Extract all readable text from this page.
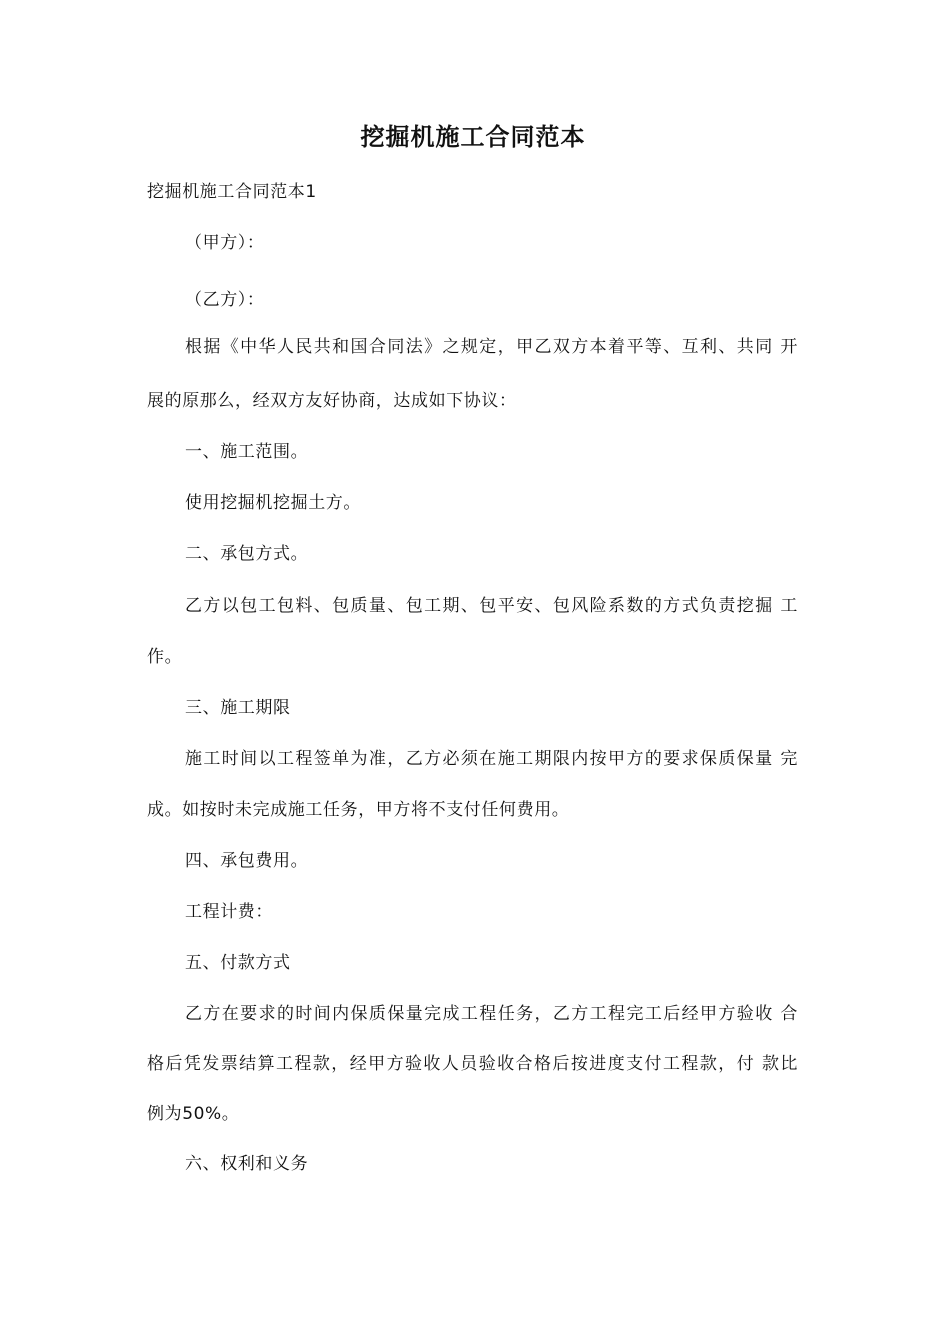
挖掘机施工合同范本
挖掘机施工合同范本1
（甲方）：
（乙方）：
根据《中华人民共和国合同法》之规定，甲乙双方本着平等、互利、共同 开
展的原那么，经双方友好协商，达成如下协议：
一、施工范围。
使用挖掘机挖掘土方。
二、承包方式。
乙方以包工包料、包质量、包工期、包平安、包风险系数的方式负责挖掘 工
作。
三、施工期限
施工时间以工程签单为准，乙方必须在施工期限内按甲方的要求保质保量 完
成。如按时未完成施工任务，甲方将不支付任何费用。
四、承包费用。
工程计费：
五、付款方式
乙方在要求的时间内保质保量完成工程任务，乙方工程完工后经甲方验收 合
格后凭发票结算工程款，经甲方验收人员验收合格后按进度支付工程款，付 款比
例为50%。
六、权利和义务
